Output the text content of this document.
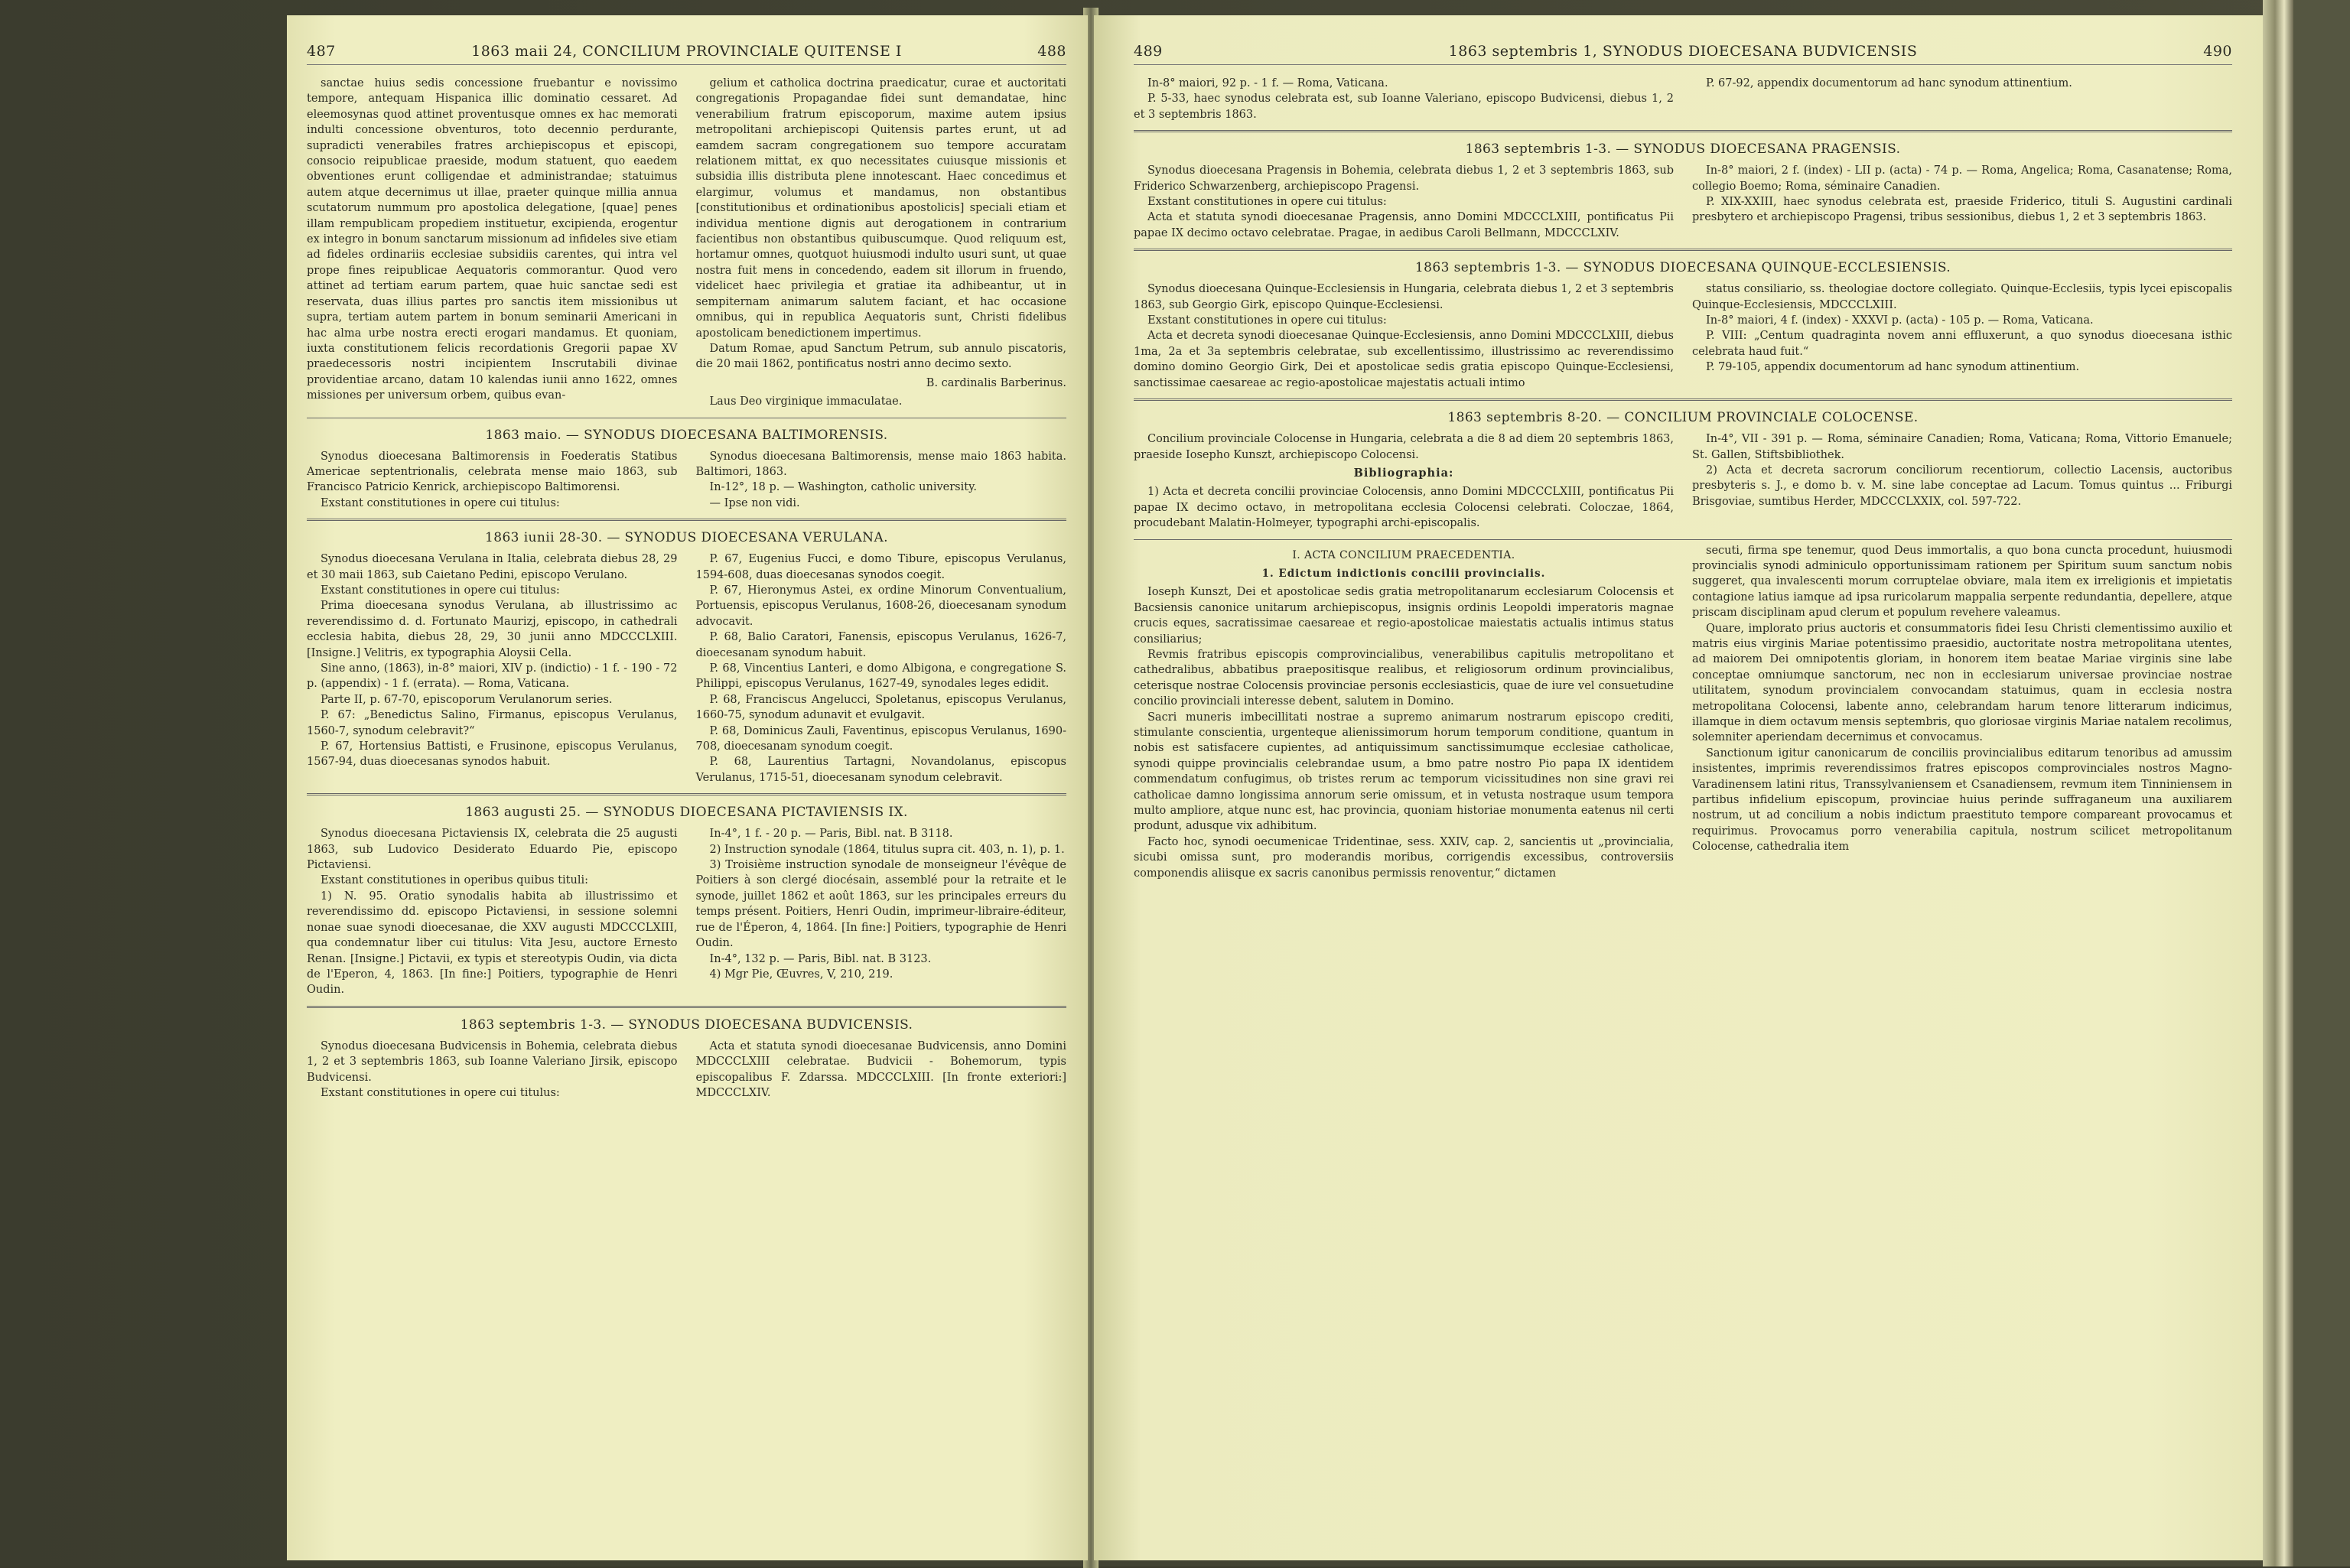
487	1863 maii 24, CONCILIUM PROVINCIALE QUITENSE I	488

sanctae huius sedis concessione fruebantur e novissimo tempore, antequam Hispanica illic dominatio cessaret. Ad eleemosynas quod attinet proventusque omnes ex hac memorati indulti concessione obventuros, toto decennio perdurante, supradicti venerabiles fratres archiepiscopus et episcopi, consocio reipublicae praeside, modum statuent, quo eaedem obventiones erunt colligendae et administrandae; statuimus autem atque decernimus ut illae, praeter quinque millia annua scutatorum nummum pro apostolica delegatione, [quae] penes illam rempublicam propediem instituetur, excipienda, erogentur ex integro in bonum sanctarum missionum ad infideles sive etiam ad fideles ordinariis ecclesiae subsidiis carentes, qui intra vel prope fines reipublicae Aequatoris commorantur. Quod vero attinet ad tertiam earum partem, quae huic sanctae sedi est reservata, duas illius partes pro sanctis item missionibus ut supra, tertiam autem partem in bonum seminarii Americani in hac alma urbe nostra erecti erogari mandamus. Et quoniam, iuxta constitutionem felicis recordationis Gregorii papae XV praedecessoris nostri incipientem Inscrutabili divinae providentiae arcano, datam 10 kalendas iunii anno 1622, omnes missiones per universum orbem, quibus evan-

gelium et catholica doctrina praedicatur, curae et auctoritati congregationis Propagandae fidei sunt demandatae, hinc venerabilium fratrum episcoporum, maxime autem ipsius metropolitani archiepiscopi Quitensis partes erunt, ut ad eamdem sacram congregationem suo tempore accuratam relationem mittat, ex quo necessitates cuiusque missionis et subsidia illis distributa plene innotescant. Haec concedimus et elargimur, volumus et mandamus, non obstantibus [constitutionibus et ordinationibus apostolicis] speciali etiam et individua mentione dignis aut derogationem in contrarium facientibus non obstantibus quibuscumque. Quod reliquum est, hortamur omnes, quotquot huiusmodi indulto usuri sunt, ut quae nostra fuit mens in concedendo, eadem sit illorum in fruendo, videlicet haec privilegia et gratiae ita adhibeantur, ut in sempiternam animarum salutem faciant, et hac occasione omnibus, qui in republica Aequatoris sunt, Christi fidelibus apostolicam benedictionem impertimus.

Datum Romae, apud Sanctum Petrum, sub annulo piscatoris, die 20 maii 1862, pontificatus nostri anno decimo sexto.

B. cardinalis Barberinus.

Laus Deo virginique immaculatae.

1863 maio. — SYNODUS DIOECESANA BALTIMORENSIS.

Synodus dioecesana Baltimorensis in Foederatis Statibus Americae septentrionalis, celebrata mense maio 1863, sub Francisco Patricio Kenrick, archiepiscopo Baltimorensi.

Exstant constitutiones in opere cui titulus:

Synodus dioecesana Baltimorensis, mense maio 1863 habita. Baltimori, 1863.

In-12°, 18 p. — Washington, catholic university.

— Ipse non vidi.

1863 iunii 28-30. — SYNODUS DIOECESANA VERULANA.

Synodus dioecesana Verulana in Italia, celebrata diebus 28, 29 et 30 maii 1863, sub Caietano Pedini, episcopo Verulano.

Exstant constitutiones in opere cui titulus:

Prima dioecesana synodus Verulana, ab illustrissimo ac reverendissimo d. d. Fortunato Maurizj, episcopo, in cathedrali ecclesia habita, diebus 28, 29, 30 junii anno MDCCCLXIII. [Insigne.] Velitris, ex typographia Aloysii Cella.

Sine anno, (1863), in-8° maiori, XIV p. (indictio) - 1 f. - 190 - 72 p. (appendix) - 1 f. (errata). — Roma, Vaticana.

Parte II, p. 67-70, episcoporum Verulanorum series.

P. 67: „Benedictus Salino, Firmanus, episcopus Verulanus, 1560-7, synodum celebravit?“

P. 67, Hortensius Battisti, e Frusinone, episcopus Verulanus, 1567-94, duas dioecesanas synodos habuit.

P. 67, Eugenius Fucci, e domo Tibure, episcopus Verulanus, 1594-608, duas dioecesanas synodos coegit.

P. 67, Hieronymus Astei, ex ordine Minorum Conventualium, Portuensis, episcopus Verulanus, 1608-26, dioecesanam synodum advocavit.

P. 68, Balio Caratori, Fanensis, episcopus Verulanus, 1626-7, dioecesanam synodum habuit.

P. 68, Vincentius Lanteri, e domo Albigona, e congregatione S. Philippi, episcopus Verulanus, 1627-49, synodales leges edidit.

P. 68, Franciscus Angelucci, Spoletanus, episcopus Verulanus, 1660-75, synodum adunavit et evulgavit.

P. 68, Dominicus Zauli, Faventinus, episcopus Verulanus, 1690-708, dioecesanam synodum coegit.

P. 68, Laurentius Tartagni, Novandolanus, episcopus Verulanus, 1715-51, dioecesanam synodum celebravit.

1863 augusti 25. — SYNODUS DIOECESANA PICTAVIENSIS IX.

Synodus dioecesana Pictaviensis IX, celebrata die 25 augusti 1863, sub Ludovico Desiderato Eduardo Pie, episcopo Pictaviensi.

Exstant constitutiones in operibus quibus tituli:

1) N. 95. Oratio synodalis habita ab illustrissimo et reverendissimo dd. episcopo Pictaviensi, in sessione solemni nonae suae synodi dioecesanae, die XXV augusti MDCCCLXIII, qua condemnatur liber cui titulus: Vita Jesu, auctore Ernesto Renan. [Insigne.] Pictavii, ex typis et stereotypis Oudin, via dicta de l'Eperon, 4, 1863. [In fine:] Poitiers, typographie de Henri Oudin.

In-4°, 1 f. - 20 p. — Paris, Bibl. nat. B 3118.

2) Instruction synodale (1864, titulus supra cit. 403, n. 1), p. 1.

3) Troisième instruction synodale de monseigneur l'évêque de Poitiers à son clergé diocésain, assemblé pour la retraite et le synode, juillet 1862 et août 1863, sur les principales erreurs du temps présent. Poitiers, Henri Oudin, imprimeur-libraire-éditeur, rue de l'Éperon, 4, 1864. [In fine:] Poitiers, typographie de Henri Oudin.

In-4°, 132 p. — Paris, Bibl. nat. B 3123.

4) Mgr Pie, Œuvres, V, 210, 219.

1863 septembris 1-3. — SYNODUS DIOECESANA BUDVICENSIS.

Synodus dioecesana Budvicensis in Bohemia, celebrata diebus 1, 2 et 3 septembris 1863, sub Ioanne Valeriano Jirsik, episcopo Budvicensi.

Exstant constitutiones in opere cui titulus:

Acta et statuta synodi dioecesanae Budvicensis, anno Domini MDCCCLXIII celebratae. Budvicii - Bohemorum, typis episcopalibus F. Zdarssa. MDCCCLXIII. [In fronte exteriori:] MDCCCLXIV.

489	1863 septembris 1, SYNODUS DIOECESANA BUDVICENSIS	490

In-8° maiori, 92 p. - 1 f. — Roma, Vaticana.

P. 5-33, haec synodus celebrata est, sub Ioanne Valeriano, episcopo Budvicensi, diebus 1, 2 et 3 septembris 1863.

P. 67-92, appendix documentorum ad hanc synodum attinentium.

1863 septembris 1-3. — SYNODUS DIOECESANA PRAGENSIS.

Synodus dioecesana Pragensis in Bohemia, celebrata diebus 1, 2 et 3 septembris 1863, sub Friderico Schwarzenberg, archiepiscopo Pragensi.

Exstant constitutiones in opere cui titulus:

Acta et statuta synodi dioecesanae Pragensis, anno Domini MDCCCLXIII, pontificatus Pii papae IX decimo octavo celebratae. Pragae, in aedibus Caroli Bellmann, MDCCCLXIV.

In-8° maiori, 2 f. (index) - LII p. (acta) - 74 p. — Roma, Angelica; Roma, Casanatense; Roma, collegio Boemo; Roma, séminaire Canadien.

P. XIX-XXIII, haec synodus celebrata est, praeside Friderico, tituli S. Augustini cardinali presbytero et archiepiscopo Pragensi, tribus sessionibus, diebus 1, 2 et 3 septembris 1863.

1863 septembris 1-3. — SYNODUS DIOECESANA QUINQUE-ECCLESIENSIS.

Synodus dioecesana Quinque-Ecclesiensis in Hungaria, celebrata diebus 1, 2 et 3 septembris 1863, sub Georgio Girk, episcopo Quinque-Ecclesiensi.

Exstant constitutiones in opere cui titulus:

Acta et decreta synodi dioecesanae Quinque-Ecclesiensis, anno Domini MDCCCLXIII, diebus 1ma, 2a et 3a septembris celebratae, sub excellentissimo, illustrissimo ac reverendissimo domino domino Georgio Girk, Dei et apostolicae sedis gratia episcopo Quinque-Ecclesiensi, sanctissimae caesareae ac regio-apostolicae majestatis actuali intimo

status consiliario, ss. theologiae doctore collegiato. Quinque-Ecclesiis, typis lycei episcopalis Quinque-Ecclesiensis, MDCCCLXIII.

In-8° maiori, 4 f. (index) - XXXVI p. (acta) - 105 p. — Roma, Vaticana.

P. VIII: „Centum quadraginta novem anni effluxerunt, a quo synodus dioecesana isthic celebrata haud fuit.“

P. 79-105, appendix documentorum ad hanc synodum attinentium.

1863 septembris 8-20. — CONCILIUM PROVINCIALE COLOCENSE.

Concilium provinciale Colocense in Hungaria, celebrata a die 8 ad diem 20 septembris 1863, praeside Iosepho Kunszt, archiepiscopo Colocensi.

Bibliographia:

1) Acta et decreta concilii provinciae Colocensis, anno Domini MDCCCLXIII, pontificatus Pii papae IX decimo octavo, in metropolitana ecclesia Colocensi celebrati. Coloczae, 1864, procudebant Malatin-Holmeyer, typographi archi-episcopalis.

In-4°, VII - 391 p. — Roma, séminaire Canadien; Roma, Vaticana; Roma, Vittorio Emanuele; St. Gallen, Stiftsbibliothek.

2) Acta et decreta sacrorum conciliorum recentiorum, collectio Lacensis, auctoribus presbyteris s. J., e domo b. v. M. sine labe conceptae ad Lacum. Tomus quintus ... Friburgi Brisgoviae, sumtibus Herder, MDCCCLXXIX, col. 597-722.

I. ACTA CONCILIUM PRAECEDENTIA.
1. Edictum indictionis concilii provincialis.

Ioseph Kunszt, Dei et apostolicae sedis gratia metropolitanarum ecclesiarum Colocensis et Bacsiensis canonice unitarum archiepiscopus, insignis ordinis Leopoldi imperatoris magnae crucis eques, sacratissimae caesareae et regio-apostolicae maiestatis actualis intimus status consiliarius;

Revmis fratribus episcopis comprovincialibus, venerabilibus capitulis metropolitano et cathedralibus, abbatibus praepositisque realibus, et religiosorum ordinum provincialibus, ceterisque nostrae Colocensis provinciae personis ecclesiasticis, quae de iure vel consuetudine concilio provinciali interesse debent, salutem in Domino.

Sacri muneris imbecillitati nostrae a supremo animarum nostrarum episcopo crediti, stimulante conscientia, urgenteque alienissimorum horum temporum conditione, quantum in nobis est satisfacere cupientes, ad antiquissimum sanctissimumque ecclesiae catholicae, synodi quippe provincialis celebrandae usum, a bmo patre nostro Pio papa IX identidem commendatum confugimus, ob tristes rerum ac temporum vicissitudines non sine gravi rei catholicae damno longissima annorum serie omissum, et in vetusta nostraque usum tempora multo ampliore, atque nunc est, hac provincia, quoniam historiae monumenta eatenus nil certi produnt, adusque vix adhibitum.

Facto hoc, synodi oecumenicae Tridentinae, sess. XXIV, cap. 2, sancientis ut „provincialia, sicubi omissa sunt, pro moderandis moribus, corrigendis excessibus, controversiis componendis aliisque ex sacris canonibus permissis renoventur,“ dictamen

secuti, firma spe tenemur, quod Deus immortalis, a quo bona cuncta procedunt, huiusmodi provincialis synodi adminiculo opportunissimam rationem per Spiritum suum sanctum nobis suggeret, qua invalescenti morum corruptelae obviare, mala item ex irreligionis et impietatis contagione latius iamque ad ipsa ruricolarum mappalia serpente redundantia, depellere, atque priscam disciplinam apud clerum et populum revehere valeamus.

Quare, implorato prius auctoris et consummatoris fidei Iesu Christi clementissimo auxilio et matris eius virginis Mariae potentissimo praesidio, auctoritate nostra metropolitana utentes, ad maiorem Dei omnipotentis gloriam, in honorem item beatae Mariae virginis sine labe conceptae omniumque sanctorum, nec non in ecclesiarum universae provinciae nostrae utilitatem, synodum provincialem convocandam statuimus, quam in ecclesia nostra metropolitana Colocensi, labente anno, celebrandam harum tenore litterarum indicimus, illamque in diem octavum mensis septembris, quo gloriosae virginis Mariae natalem recolimus, solemniter aperiendam decernimus et convocamus.

Sanctionum igitur canonicarum de conciliis provincialibus editarum tenoribus ad amussim insistentes, imprimis reverendissimos fratres episcopos comprovinciales nostros Magno-Varadinensem latini ritus, Transsylvaniensem et Csanadiensem, revmum item Tinniniensem in partibus infidelium episcopum, provinciae huius perinde suffraganeum una auxiliarem nostrum, ut ad concilium a nobis indictum praestituto tempore compareant provocamus et requirimus. Provocamus porro venerabilia capitula, nostrum scilicet metropolitanum Colocense, cathedralia item
